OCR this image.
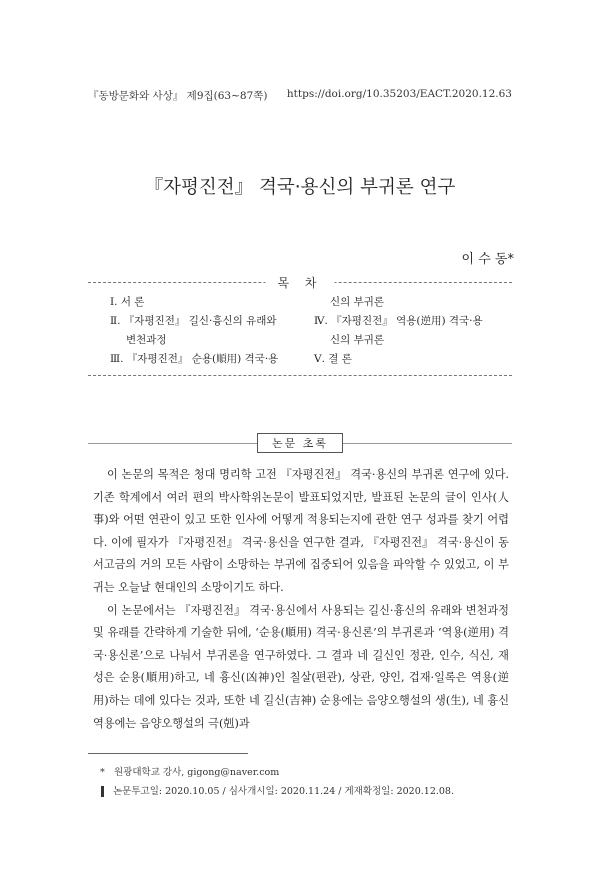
『동방문화와 사상』 제9집(63∼87쪽) https://doi.org/10.35203/EACT.2020.12.63
『자평진전』 격국·용신의 부귀론 연구
이 수 동*
목 차
Ⅰ. 서 론
Ⅱ. 『자평진전』 길신·흉신의 유래와
변천과정
Ⅲ. 『자평진전』 순용(順用) 격국·용
신의 부귀론
Ⅳ. 『자평진전』 역용(逆用) 격국·용
신의 부귀론
Ⅴ. 결 론
논문 초록

이 논문의 목적은 청대 명리학 고전 『자평진전』 격국·용신의 부귀론 연구에 있다. 기존 학계에서 여러 편의 박사학위논문이 발표되었지만, 발표된 논문의 글이 인사(人事)와 어떤 연관이 있고 또한 인사에 어떻게 적용되는지에 관한 연구 성과를 찾기 어렵다. 이에 필자가 『자평진전』 격국·용신을 연구한 결과, 『자평진전』 격국·용신이 동서고금의 거의 모든 사람이 소망하는 부귀에 집중되어 있음을 파악할 수 있었고, 이 부귀는 오늘날 현대인의 소망이기도 하다.

이 논문에서는 『자평진전』 격국·용신에서 사용되는 길신·흉신의 유래와 변천과정 및 유래를 간략하게 기술한 뒤에, ‘순용(順用) 격국·용신론’의 부귀론과 ‘역용(逆用) 격국·용신론’으로 나눠서 부귀론을 연구하였다. 그 결과 네 길신인 정관, 인수, 식신, 재성은 순용(順用)하고, 네 흉신(凶神)인 칠살(편관), 상관, 양인, 겁재·일록은 역용(逆用)하는 데에 있다는 것과, 또한 네 길신(吉神) 순용에는 음양오행설의 생(生), 네 흉신 역용에는 음양오행설의 극(剋)과

* 원광대학교 강사, gigong@naver.com
논문투고일: 2020.10.05 / 심사개시일: 2020.11.24 / 게재확정일: 2020.12.08.
